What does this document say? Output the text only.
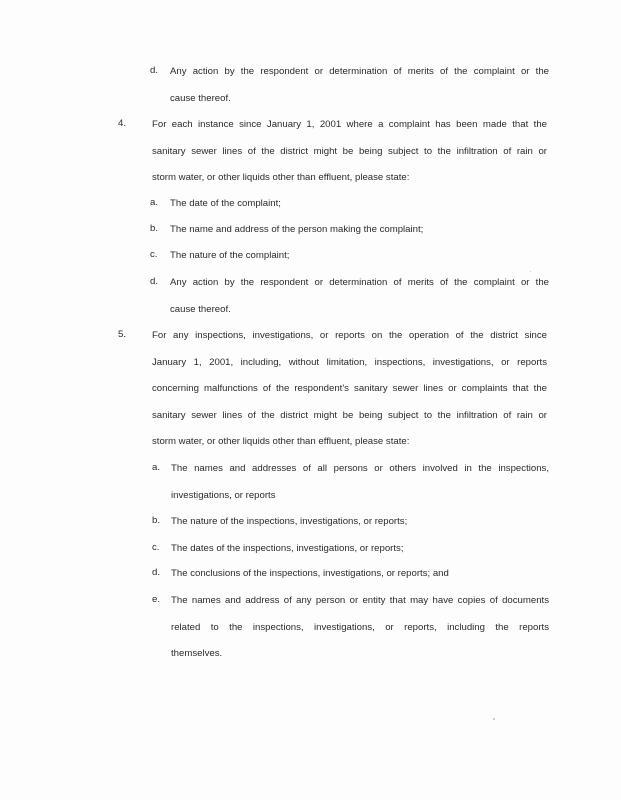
d. Any action by the respondent or determination of merits of the complaint or the
cause thereof.
4.	For each instance since January 1, 2001 where a complaint has been made that the
sanitary sewer lines of the district might be being subject to the infiltration of rain or
storm water, or other liquids other than effluent, please state:
a. The date of the complaint;
b. The name and address of the person making the complaint;
c. The nature of the complaint;
d. Any action by the respondent or determination of merits of the complaint or the
cause thereof.
5.	For any inspections, investigations, or reports on the operation of the district since
January 1, 2001, including, without limitation, inspections, investigations, or reports
concerning malfunctions of the respondent's sanitary sewer lines or complaints that the
sanitary sewer lines of the district might be being subject to the infiltration of rain or
storm water, or other liquids other than effluent, please state:
a. The names and addresses of all persons or others involved in the inspections,
investigations, or reports
b. The nature of the inspections, investigations, or reports;
c. The dates of the inspections, investigations, or reports;
d. The conclusions of the inspections, investigations, or reports; and
e. The names and address of any person or entity that may have copies of documents
related to the inspections, investigations, or reports, including the reports
themselves.
